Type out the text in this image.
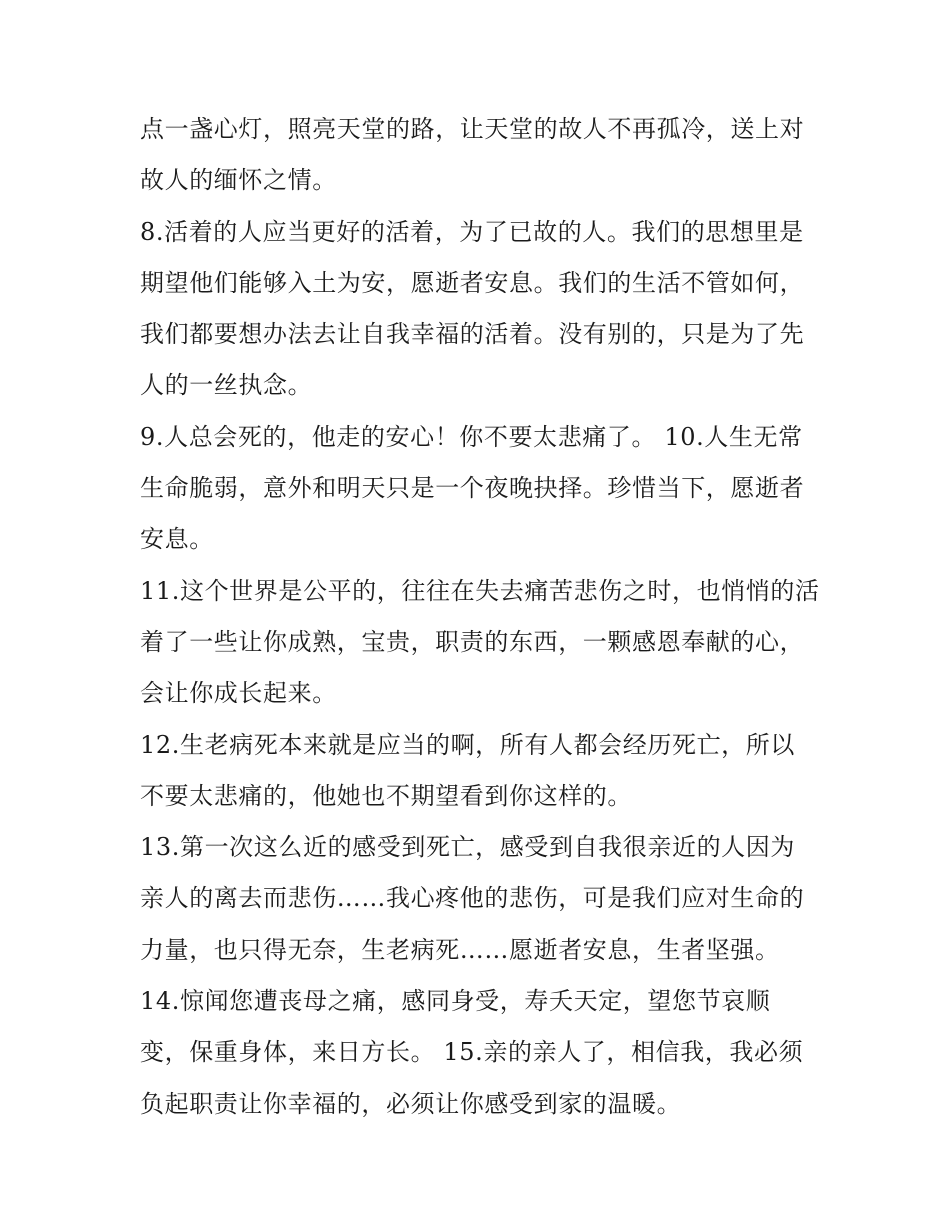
点一盏心灯，照亮天堂的路，让天堂的故人不再孤冷，送上对
故人的缅怀之情。
8.活着的人应当更好的活着，为了已故的人。我们的思想里是
期望他们能够入土为安，愿逝者安息。我们的生活不管如何，
我们都要想办法去让自我幸福的活着。没有别的，只是为了先
人的一丝执念。
9.人总会死的，他走的安心！你不要太悲痛了。 10.人生无常
生命脆弱，意外和明天只是一个夜晚抉择。珍惜当下，愿逝者
安息。
11.这个世界是公平的，往往在失去痛苦悲伤之时，也悄悄的活
着了一些让你成熟，宝贵，职责的东西，一颗感恩奉献的心，
会让你成长起来。
12.生老病死本来就是应当的啊，所有人都会经历死亡，所以
不要太悲痛的，他她也不期望看到你这样的。
13.第一次这么近的感受到死亡，感受到自我很亲近的人因为
亲人的离去而悲伤……我心疼他的悲伤，可是我们应对生命的
力量，也只得无奈，生老病死……愿逝者安息，生者坚强。
14.惊闻您遭丧母之痛，感同身受，寿夭天定，望您节哀顺
变，保重身体，来日方长。 15.亲的亲人了，相信我，我必须
负起职责让你幸福的，必须让你感受到家的温暖。
